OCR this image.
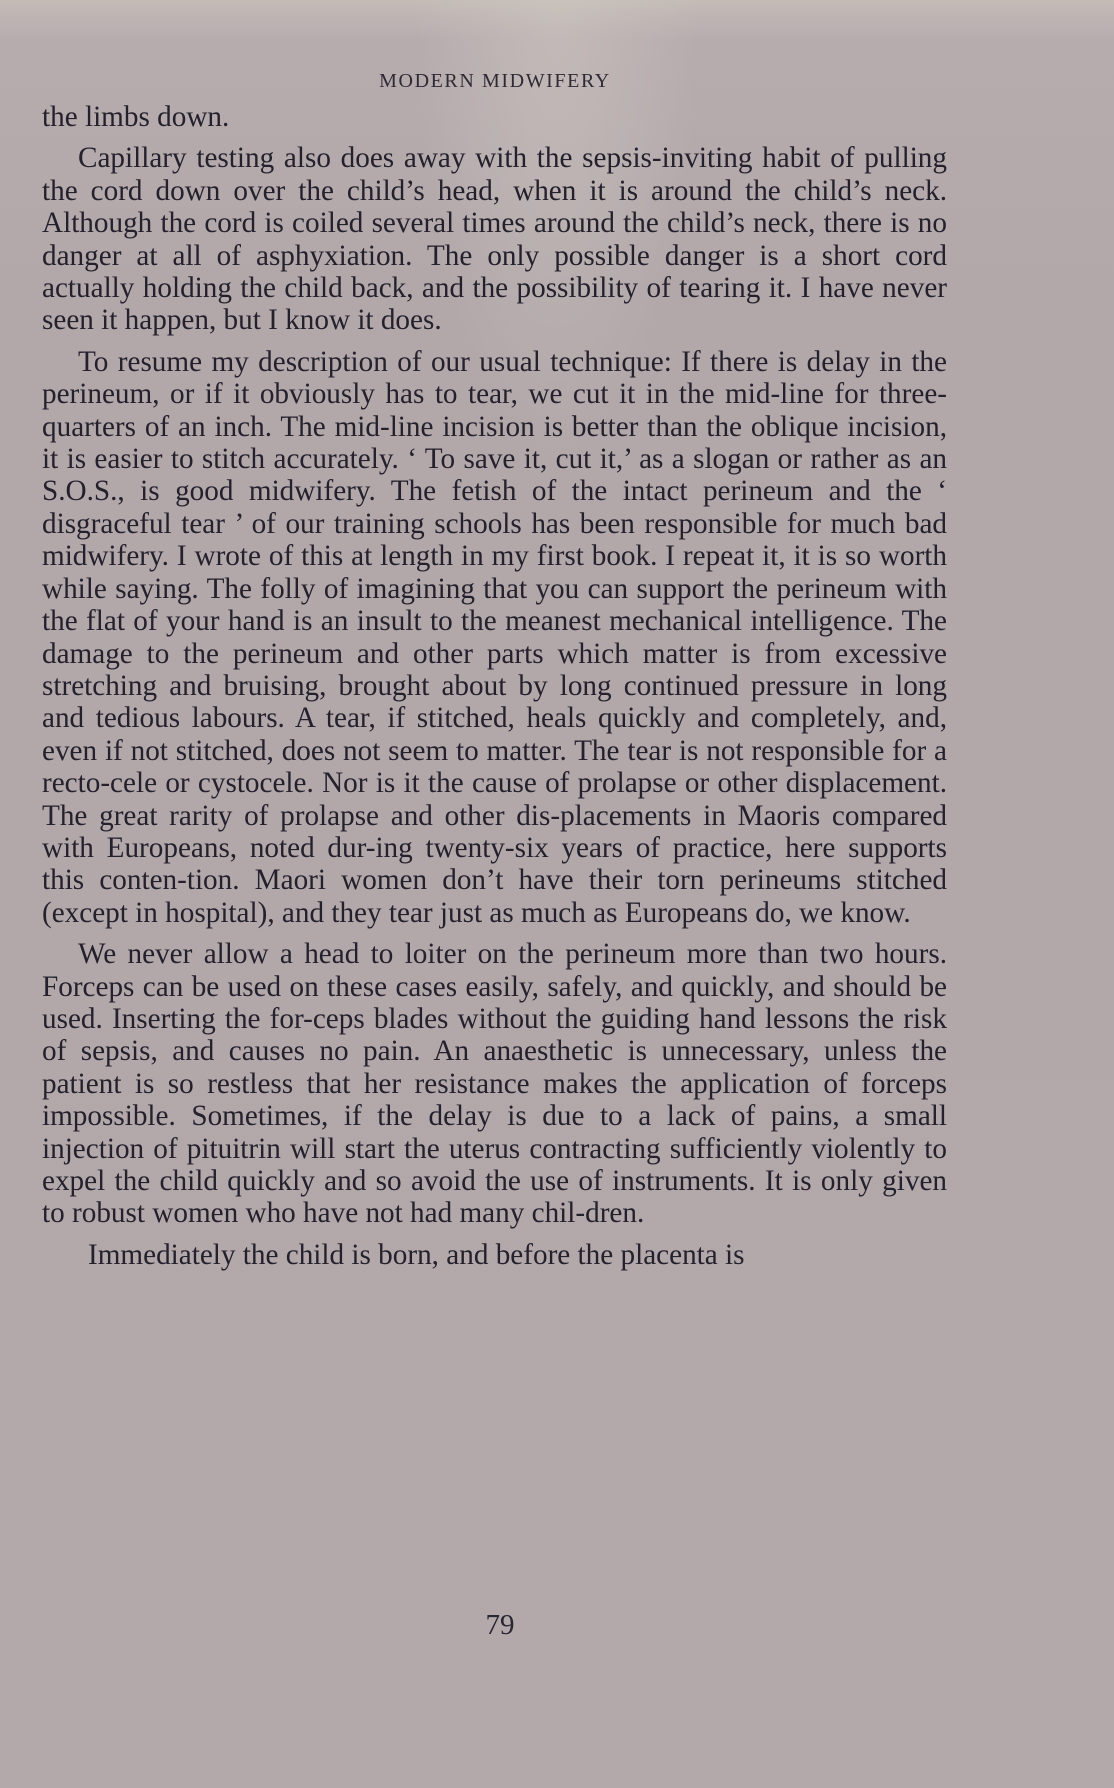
MODERN MIDWIFERY

the limbs down.

Capillary testing also does away with the sepsis-inviting habit of pulling the cord down over the child’s head, when it is around the child’s neck. Although the cord is coiled several times around the child’s neck, there is no danger at all of asphyxiation. The only possible danger is a short cord actually holding the child back, and the possibility of tearing it. I have never seen it happen, but I know it does.

To resume my description of our usual technique: If there is delay in the perineum, or if it obviously has to tear, we cut it in the mid-line for three-quarters of an inch. The mid-line incision is better than the oblique incision, it is easier to stitch accurately. ‘ To save it, cut it,’ as a slogan or rather as an S.O.S., is good midwifery. The fetish of the intact perineum and the ‘ disgraceful tear ’ of our training schools has been responsible for much bad midwifery. I wrote of this at length in my first book. I repeat it, it is so worth while saying. The folly of imagining that you can support the perineum with the flat of your hand is an insult to the meanest mechanical intelligence. The damage to the perineum and other parts which matter is from excessive stretching and bruising, brought about by long continued pressure in long and tedious labours. A tear, if stitched, heals quickly and completely, and, even if not stitched, does not seem to matter. The tear is not responsible for a recto-cele or cystocele. Nor is it the cause of prolapse or other displacement. The great rarity of prolapse and other dis-placements in Maoris compared with Europeans, noted dur-ing twenty-six years of practice, here supports this conten-tion. Maori women don’t have their torn perineums stitched (except in hospital), and they tear just as much as Europeans do, we know.

We never allow a head to loiter on the perineum more than two hours. Forceps can be used on these cases easily, safely, and quickly, and should be used. Inserting the for-ceps blades without the guiding hand lessons the risk of sepsis, and causes no pain. An anaesthetic is unnecessary, unless the patient is so restless that her resistance makes the application of forceps impossible. Sometimes, if the delay is due to a lack of pains, a small injection of pituitrin will start the uterus contracting sufficiently violently to expel the child quickly and so avoid the use of instruments. It is only given to robust women who have not had many chil-dren.

Immediately the child is born, and before the placenta is

79
